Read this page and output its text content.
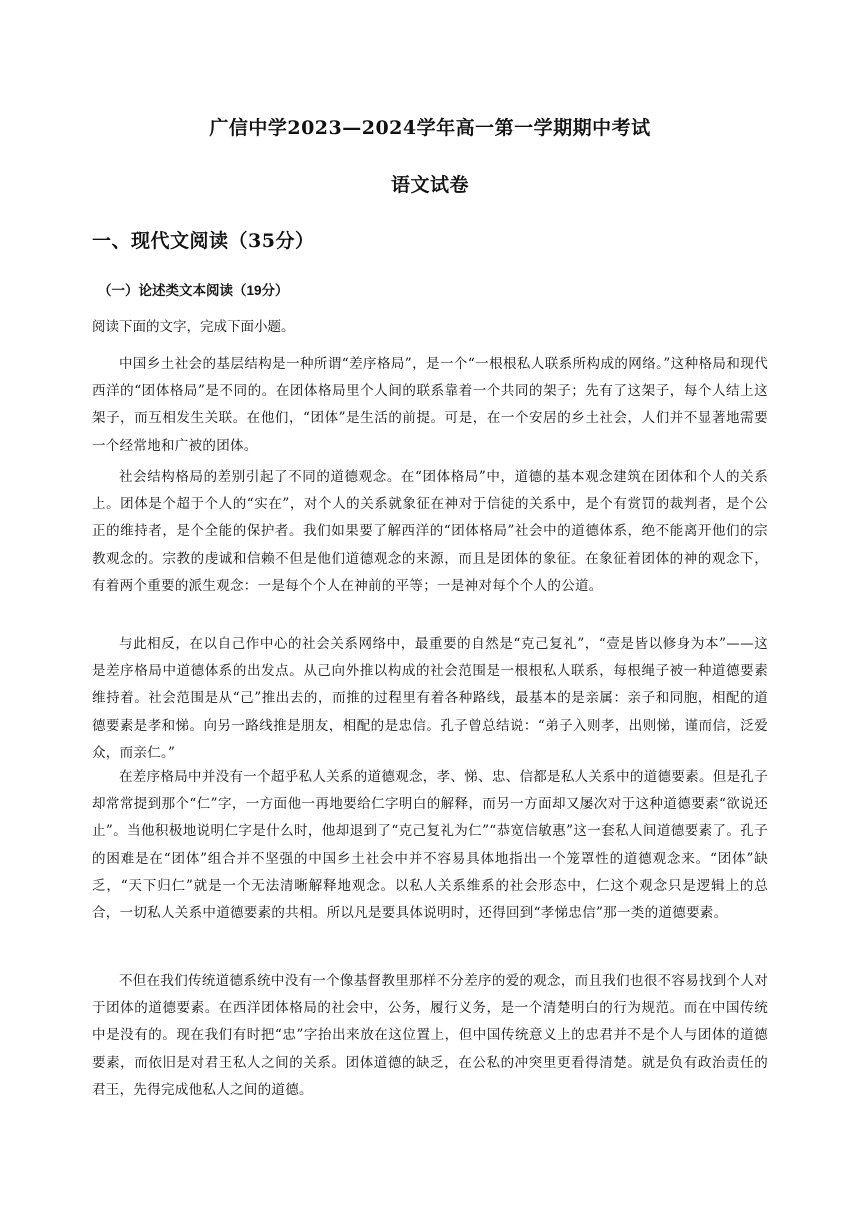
广信中学2023—2024学年高一第一学期期中考试
语文试卷
一、现代文阅读（35分）
（一）论述类文本阅读（19分）
阅读下面的文字，完成下面小题。

中国乡土社会的基层结构是一种所谓“差序格局”，是一个“一根根私人联系所构成的网络。”这种格局和现代西洋的“团体格局”是不同的。在团体格局里个人间的联系靠着一个共同的架子；先有了这架子，每个人结上这架子，而互相发生关联。在他们，“团体”是生活的前提。可是，在一个安居的乡土社会，人们并不显著地需要一个经常地和广被的团体。

社会结构格局的差别引起了不同的道德观念。在“团体格局”中，道德的基本观念建筑在团体和个人的关系上。团体是个超于个人的“实在”，对个人的关系就象征在神对于信徒的关系中，是个有赏罚的裁判者，是个公正的维持者，是个全能的保护者。我们如果要了解西洋的“团体格局”社会中的道德体系，绝不能离开他们的宗教观念的。宗教的虔诚和信赖不但是他们道德观念的来源，而且是团体的象征。在象征着团体的神的观念下，有着两个重要的派生观念：一是每个个人在神前的平等；一是神对每个个人的公道。

与此相反，在以自己作中心的社会关系网络中，最重要的自然是“克己复礼”，“壹是皆以修身为本”——这是差序格局中道德体系的出发点。从己向外推以构成的社会范围是一根根私人联系，每根绳子被一种道德要素维持着。社会范围是从“己”推出去的，而推的过程里有着各种路线，最基本的是亲属：亲子和同胞，相配的道德要素是孝和悌。向另一路线推是朋友，相配的是忠信。孔子曾总结说：“弟子入则孝，出则悌，谨而信，泛爱众，而亲仁。”

在差序格局中并没有一个超乎私人关系的道德观念，孝、悌、忠、信都是私人关系中的道德要素。但是孔子却常常提到那个“仁”字，一方面他一再地要给仁字明白的解释，而另一方面却又屡次对于这种道德要素“欲说还止”。当他积极地说明仁字是什么时，他却退到了“克己复礼为仁”“恭宽信敏惠”这一套私人间道德要素了。孔子的困难是在“团体”组合并不坚强的中国乡土社会中并不容易具体地指出一个笼罩性的道德观念来。“团体”缺乏，“天下归仁”就是一个无法清晰解释地观念。以私人关系维系的社会形态中，仁这个观念只是逻辑上的总合，一切私人关系中道德要素的共相。所以凡是要具体说明时，还得回到“孝悌忠信”那一类的道德要素。

不但在我们传统道德系统中没有一个像基督教里那样不分差序的爱的观念，而且我们也很不容易找到个人对于团体的道德要素。在西洋团体格局的社会中，公务，履行义务，是一个清楚明白的行为规范。而在中国传统中是没有的。现在我们有时把“忠”字抬出来放在这位置上，但中国传统意义上的忠君并不是个人与团体的道德要素，而依旧是对君王私人之间的关系。团体道德的缺乏，在公私的冲突里更看得清楚。就是负有政治责任的君王，先得完成他私人之间的道德。
